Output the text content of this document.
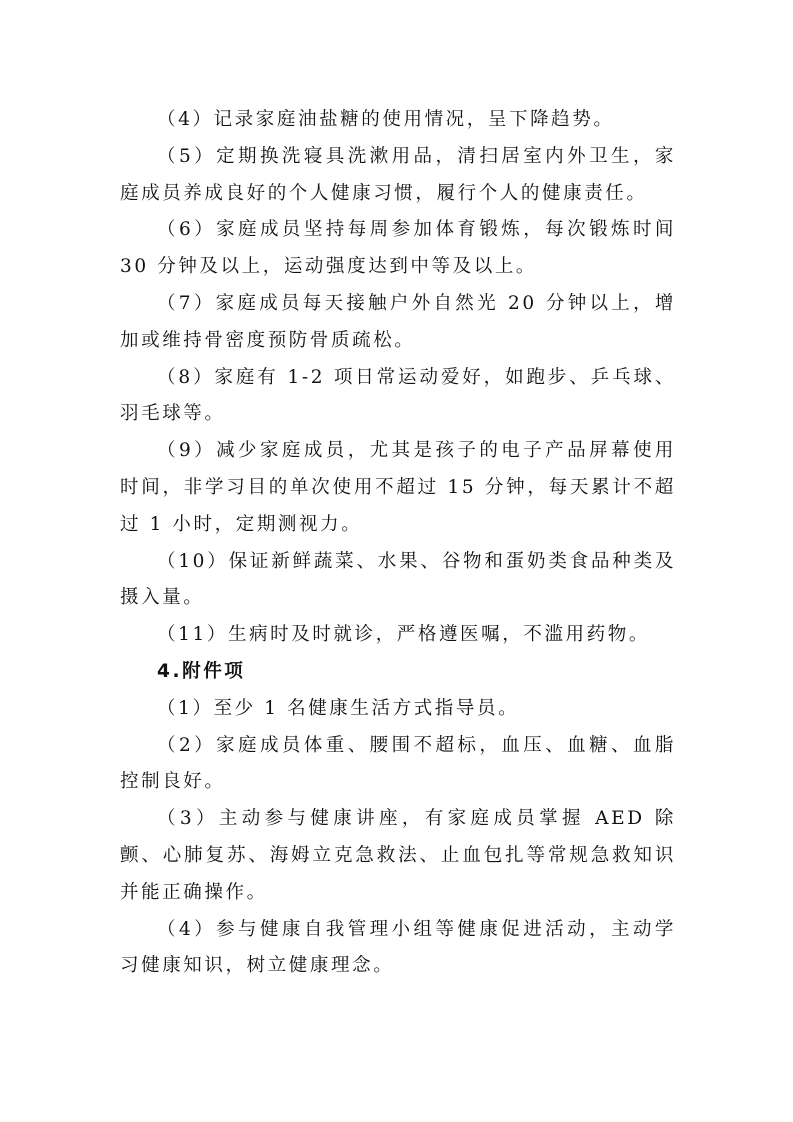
（4）记录家庭油盐糖的使用情况，呈下降趋势。

（5）定期换洗寝具洗漱用品，清扫居室内外卫生，家庭成员养成良好的个人健康习惯，履行个人的健康责任。

（6）家庭成员坚持每周参加体育锻炼，每次锻炼时间30 分钟及以上，运动强度达到中等及以上。

（7）家庭成员每天接触户外自然光 20 分钟以上，增加或维持骨密度预防骨质疏松。

（8）家庭有 1-2 项日常运动爱好，如跑步、乒乓球、羽毛球等。

（9）减少家庭成员，尤其是孩子的电子产品屏幕使用时间，非学习目的单次使用不超过 15 分钟，每天累计不超过 1 小时，定期测视力。

（10）保证新鲜蔬菜、水果、谷物和蛋奶类食品种类及摄入量。

（11）生病时及时就诊，严格遵医嘱，不滥用药物。

4.附件项

（1）至少 1 名健康生活方式指导员。

（2）家庭成员体重、腰围不超标，血压、血糖、血脂控制良好。

（3）主动参与健康讲座，有家庭成员掌握 AED 除颤、心肺复苏、海姆立克急救法、止血包扎等常规急救知识并能正确操作。

（4）参与健康自我管理小组等健康促进活动，主动学习健康知识，树立健康理念。
